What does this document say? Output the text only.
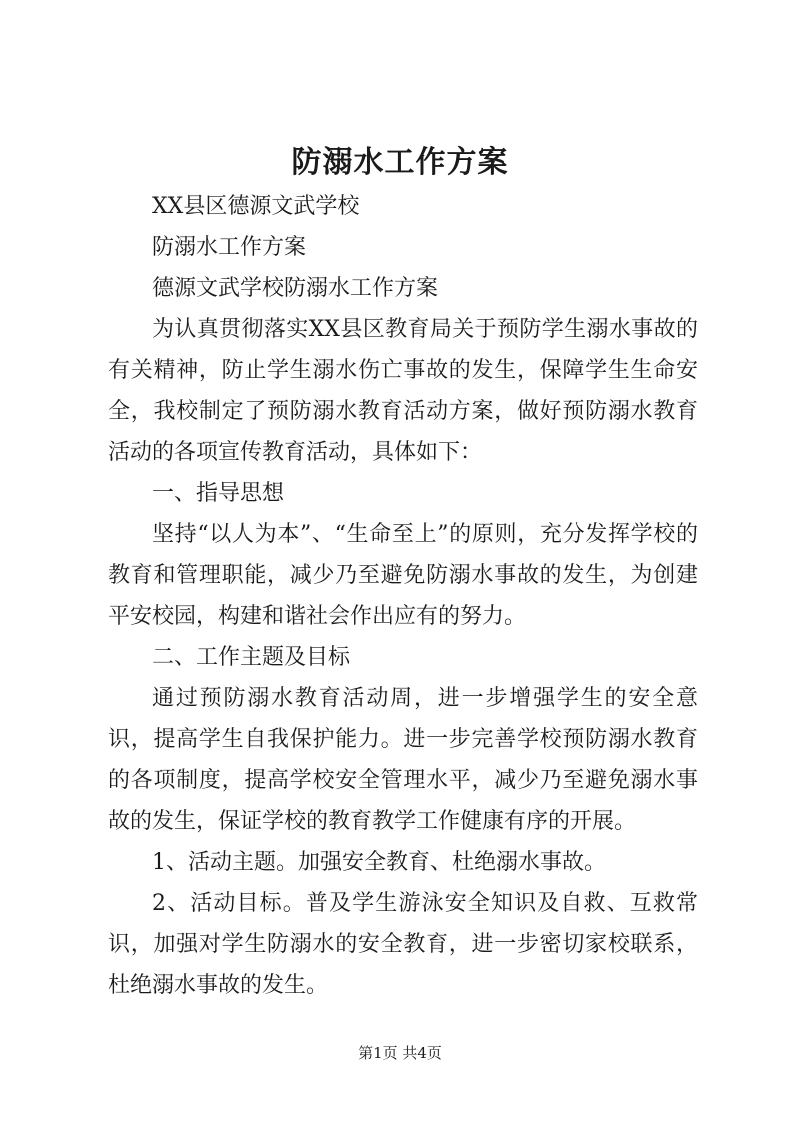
防溺水工作方案

XX县区德源文武学校

防溺水工作方案

德源文武学校防溺水工作方案

为认真贯彻落实XX县区教育局关于预防学生溺水事故的有关精神，防止学生溺水伤亡事故的发生，保障学生生命安全，我校制定了预防溺水教育活动方案，做好预防溺水教育活动的各项宣传教育活动，具体如下：

一、指导思想

坚持“以人为本”、“生命至上”的原则，充分发挥学校的教育和管理职能，减少乃至避免防溺水事故的发生，为创建平安校园，构建和谐社会作出应有的努力。

二、工作主题及目标

通过预防溺水教育活动周，进一步增强学生的安全意识，提高学生自我保护能力。进一步完善学校预防溺水教育的各项制度，提高学校安全管理水平，减少乃至避免溺水事故的发生，保证学校的教育教学工作健康有序的开展。

1、活动主题。加强安全教育、杜绝溺水事故。

2、活动目标。普及学生游泳安全知识及自救、互救常识，加强对学生防溺水的安全教育，进一步密切家校联系，杜绝溺水事故的发生。

第1页 共4页
